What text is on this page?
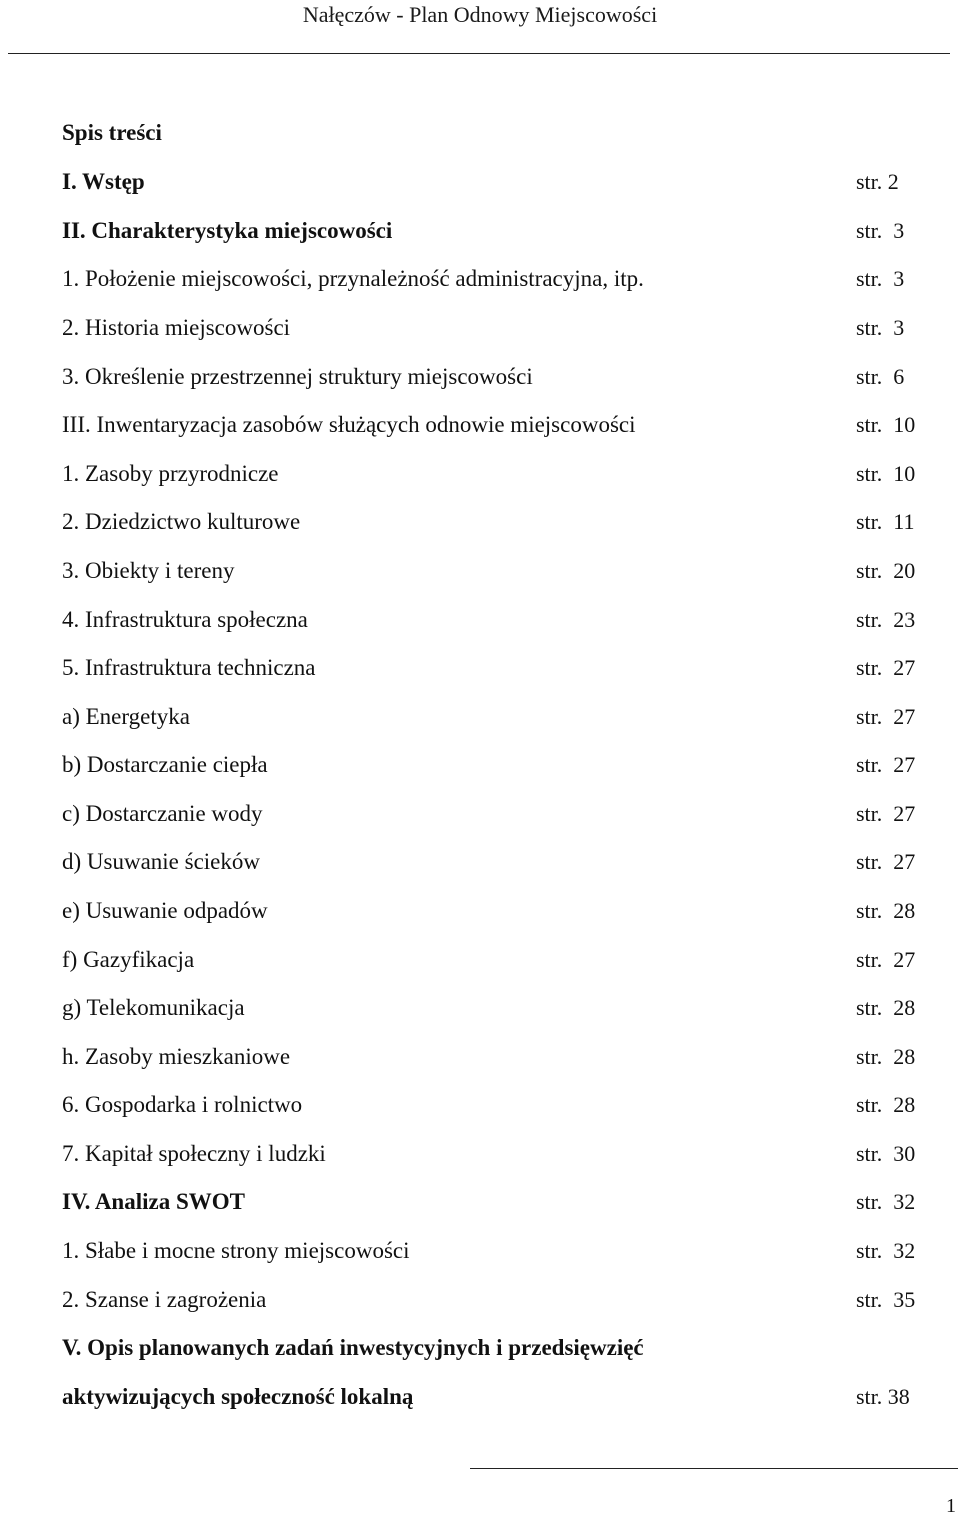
Nałęczów - Plan Odnowy Miejscowości
Spis treści
I. Wstęp	str. 2
II. Charakterystyka miejscowości	str.  3
1. Położenie miejscowości, przynależność administracyjna, itp.	str.  3
2. Historia miejscowości	str.  3
3. Określenie przestrzennej struktury miejscowości	str.  6
III. Inwentaryzacja zasobów służących odnowie miejscowości	str.  10
1. Zasoby przyrodnicze	str.  10
2. Dziedzictwo kulturowe	str.  11
3. Obiekty i tereny	str.  20
4. Infrastruktura społeczna	str.  23
5. Infrastruktura techniczna	str.  27
a) Energetyka	str.  27
b) Dostarczanie ciepła	str.  27
c) Dostarczanie wody	str.  27
d) Usuwanie ścieków	str.  27
e) Usuwanie odpadów	str.  28
f) Gazyfikacja	str.  27
g) Telekomunikacja	str.  28
h. Zasoby mieszkaniowe	str.  28
6. Gospodarka i rolnictwo	str.  28
7. Kapitał społeczny i ludzki	str.  30
IV. Analiza SWOT	str.  32
1. Słabe i mocne strony miejscowości	str.  32
2. Szanse i zagrożenia	str.  35
V. Opis planowanych zadań inwestycyjnych i przedsięwzięć
aktywizujących społeczność lokalną	str. 38
1
